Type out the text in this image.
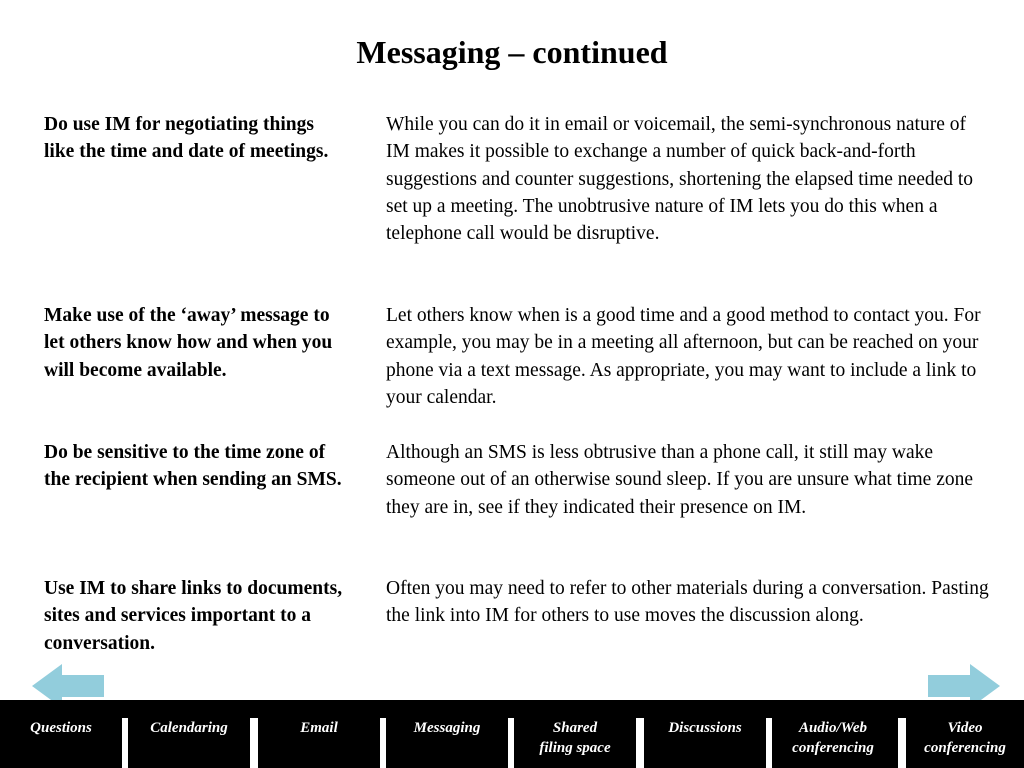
Messaging – continued
Do use IM for negotiating things like the time and date of meetings.
While you can do it in email or voicemail, the semi-synchronous nature of IM makes it possible to exchange a number of quick back-and-forth suggestions and counter suggestions, shortening the elapsed time needed to set up a meeting. The unobtrusive nature of IM lets you do this when a telephone call would be disruptive.
Make use of the ‘away’ message to let others know how and when you will become available.
Let others know when is a good time and a good method to contact you. For example, you may be in a meeting all afternoon, but can be reached on your phone via a text message. As appropriate, you may want to include a link to your calendar.
Do be sensitive to the time zone of the recipient when sending an SMS.
Although an SMS is less obtrusive than a phone call, it still may wake someone out of an otherwise sound sleep. If you are unsure what time zone they are in, see if they indicated their presence on IM.
Use IM to share links to documents, sites and services important to a conversation.
Often you may need to refer to other materials during a conversation. Pasting the link into IM for others to use moves the discussion along.
Questions	Calendaring	Email	Messaging	Shared
filing space
Discussions	Audio/Web
conferencing
Video
conferencing
